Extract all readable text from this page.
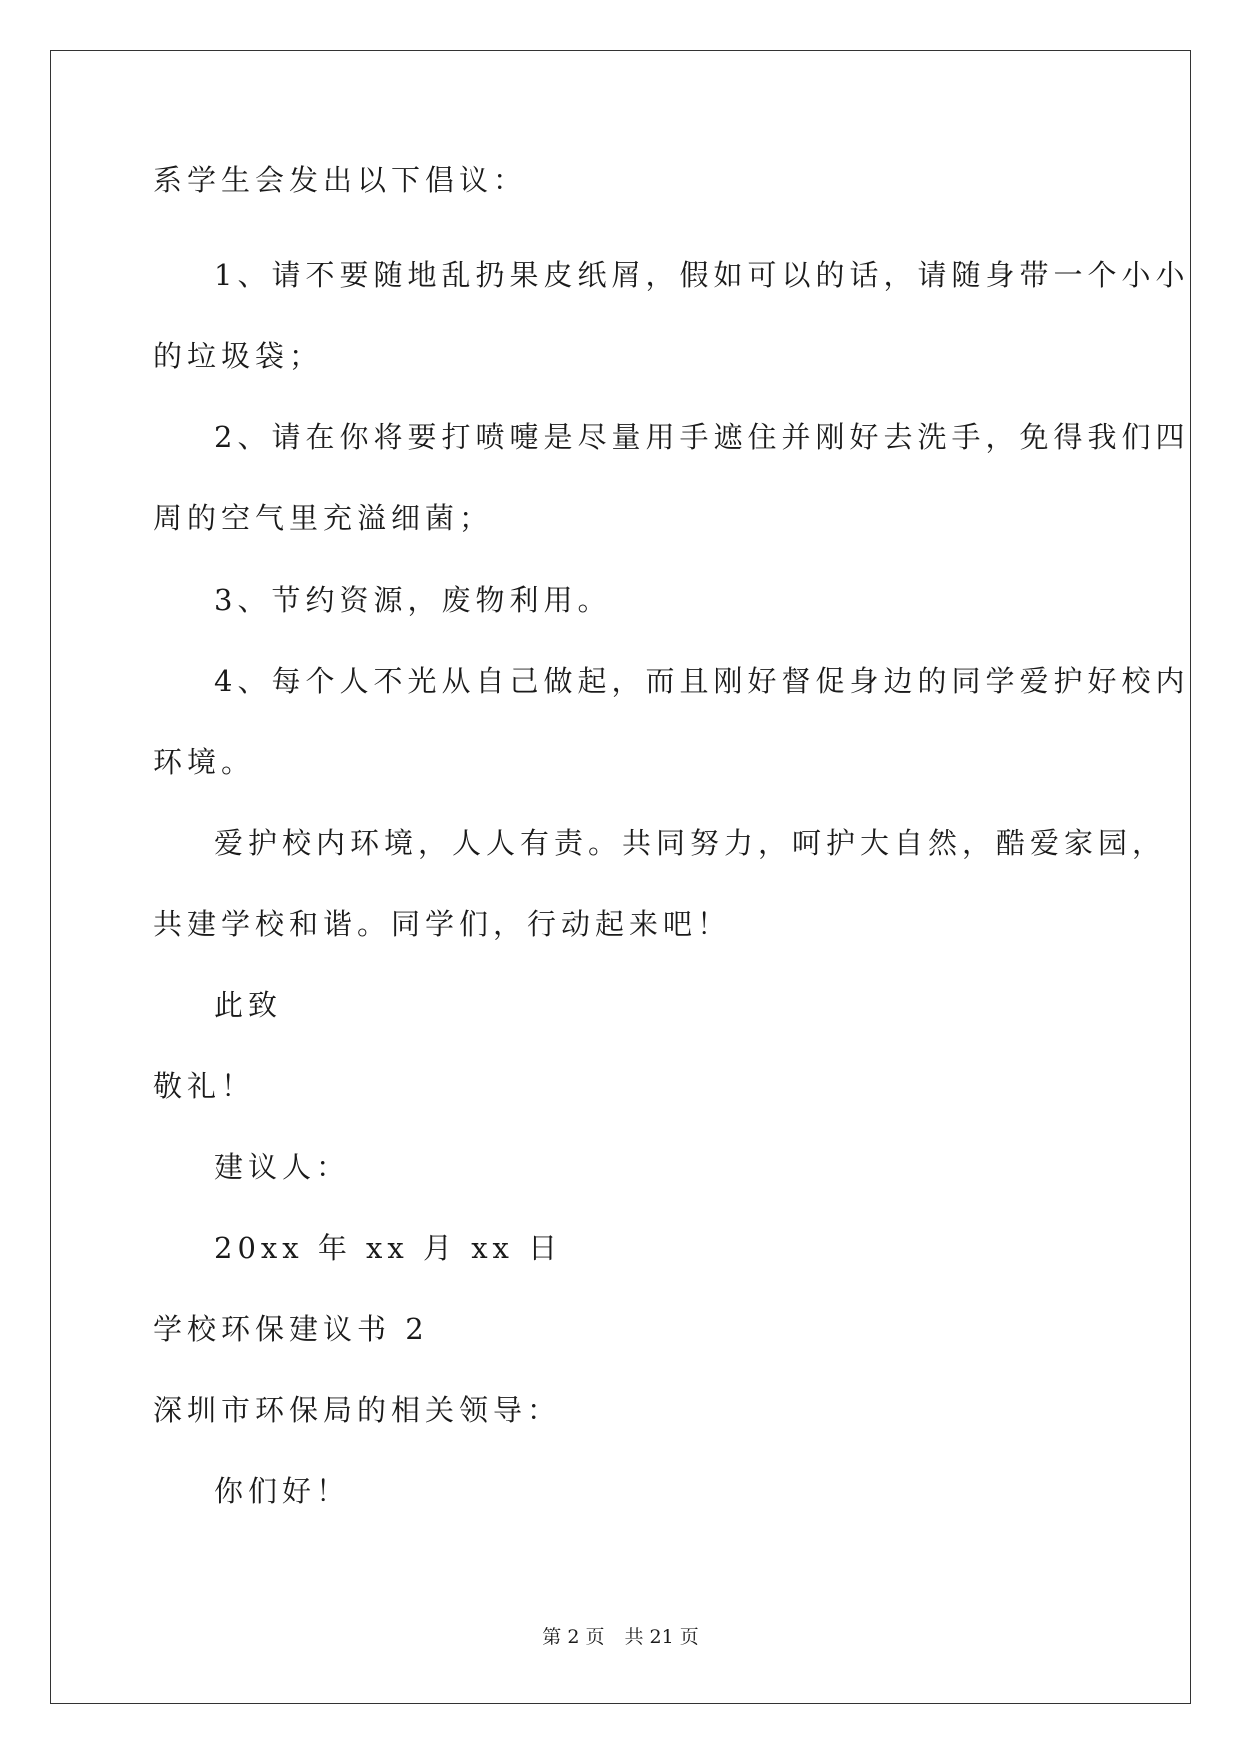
系学生会发出以下倡议：

1、请不要随地乱扔果皮纸屑，假如可以的话，请随身带一个小小

的垃圾袋；

2、请在你将要打喷嚏是尽量用手遮住并刚好去洗手，免得我们四

周的空气里充溢细菌；

3、节约资源，废物利用。

4、每个人不光从自己做起，而且刚好督促身边的同学爱护好校内

环境。

爱护校内环境，人人有责。共同努力，呵护大自然，酷爱家园，

共建学校和谐。同学们，行动起来吧！

此致

敬礼！

建议人：

20xx 年 xx 月 xx 日

学校环保建议书 2

深圳市环保局的相关领导：

你们好！

第 2 页 共 21 页
